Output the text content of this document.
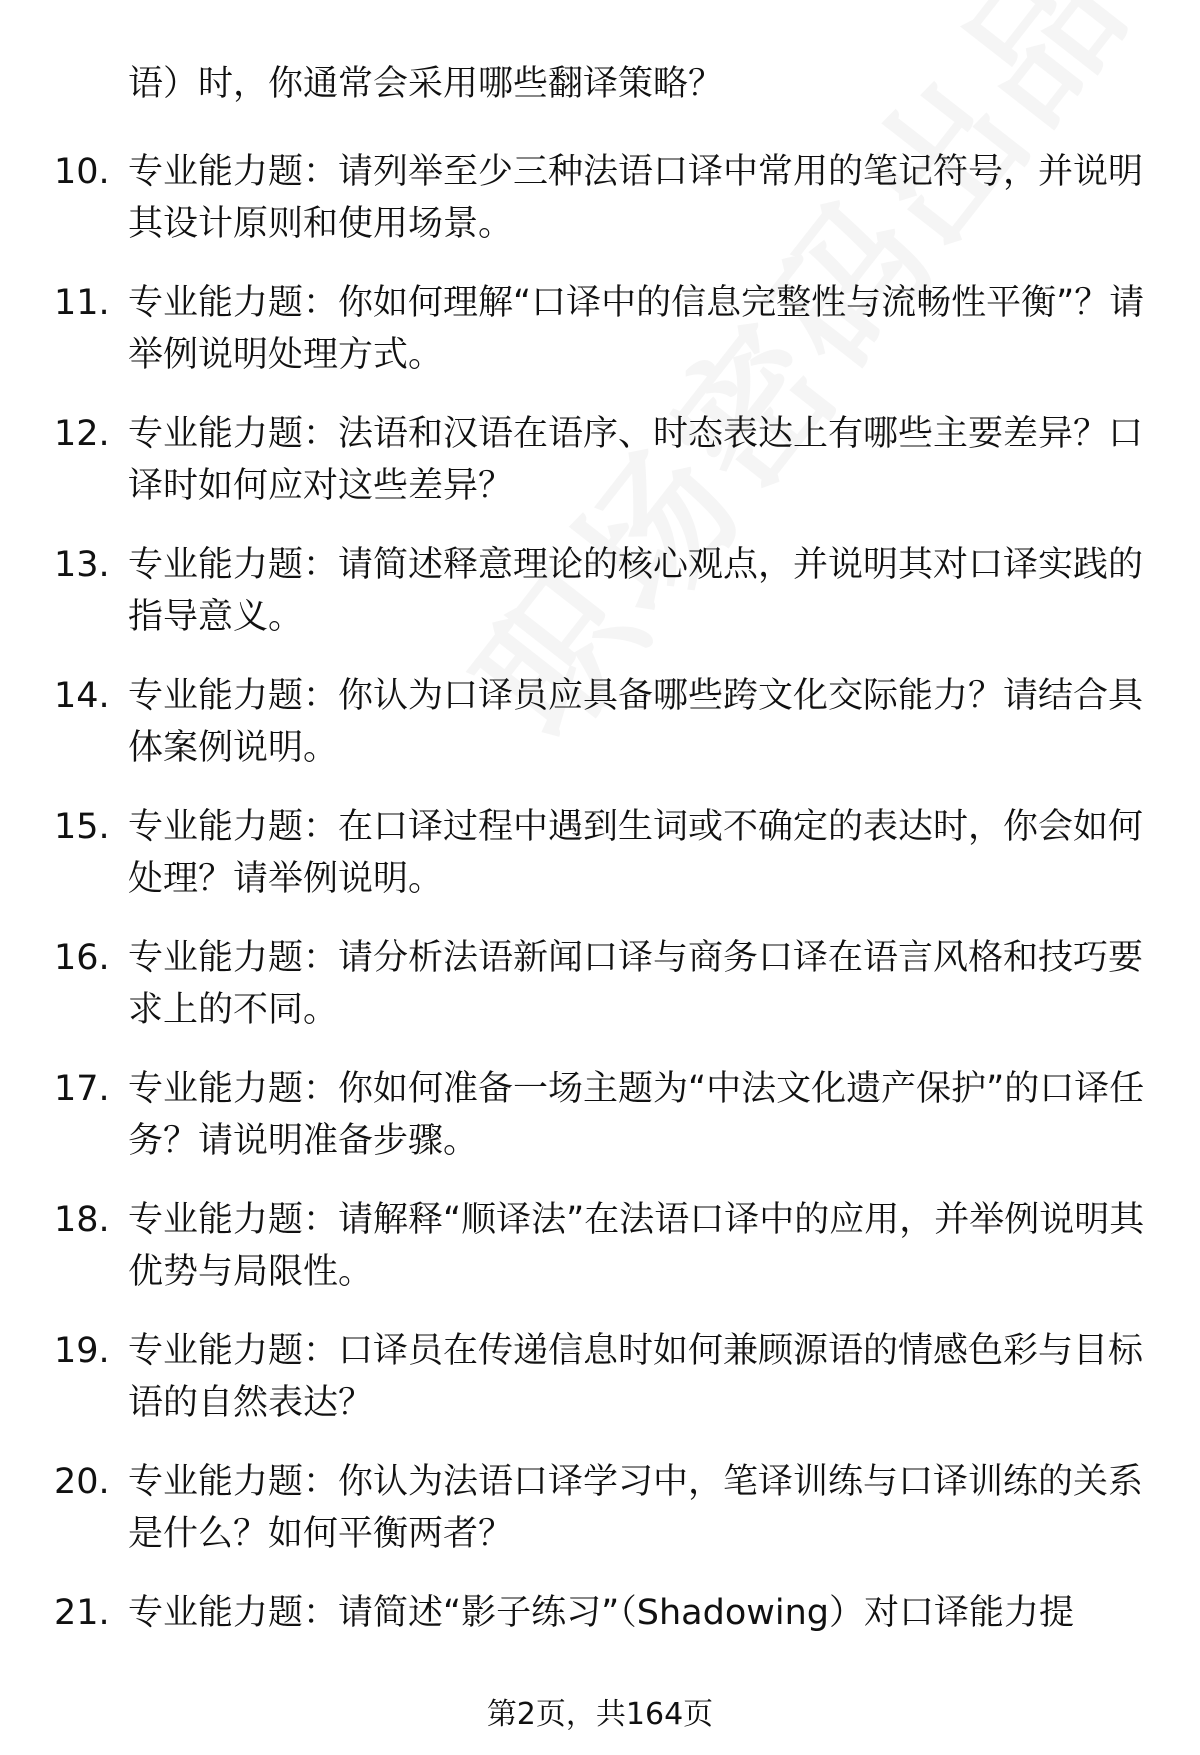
语）时，你通常会采用哪些翻译策略？

10. 专业能力题：请列举至少三种法语口译中常用的笔记符号，并说明其设计原则和使用场景。
11. 专业能力题：你如何理解“口译中的信息完整性与流畅性平衡”？请举例说明处理方式。
12. 专业能力题：法语和汉语在语序、时态表达上有哪些主要差异？口译时如何应对这些差异？
13. 专业能力题：请简述释意理论的核心观点，并说明其对口译实践的指导意义。
14. 专业能力题：你认为口译员应具备哪些跨文化交际能力？请结合具体案例说明。
15. 专业能力题：在口译过程中遇到生词或不确定的表达时，你会如何处理？请举例说明。
16. 专业能力题：请分析法语新闻口译与商务口译在语言风格和技巧要求上的不同。
17. 专业能力题：你如何准备一场主题为“中法文化遗产保护”的口译任务？请说明准备步骤。
18. 专业能力题：请解释“顺译法”在法语口译中的应用，并举例说明其优势与局限性。
19. 专业能力题：口译员在传递信息时如何兼顾源语的情感色彩与目标语的自然表达？
20. 专业能力题：你认为法语口译学习中，笔译训练与口译训练的关系是什么？如何平衡两者？
21. 专业能力题：请简述“影子练习”（Shadowing）对口译能力提
第2页，共164页
